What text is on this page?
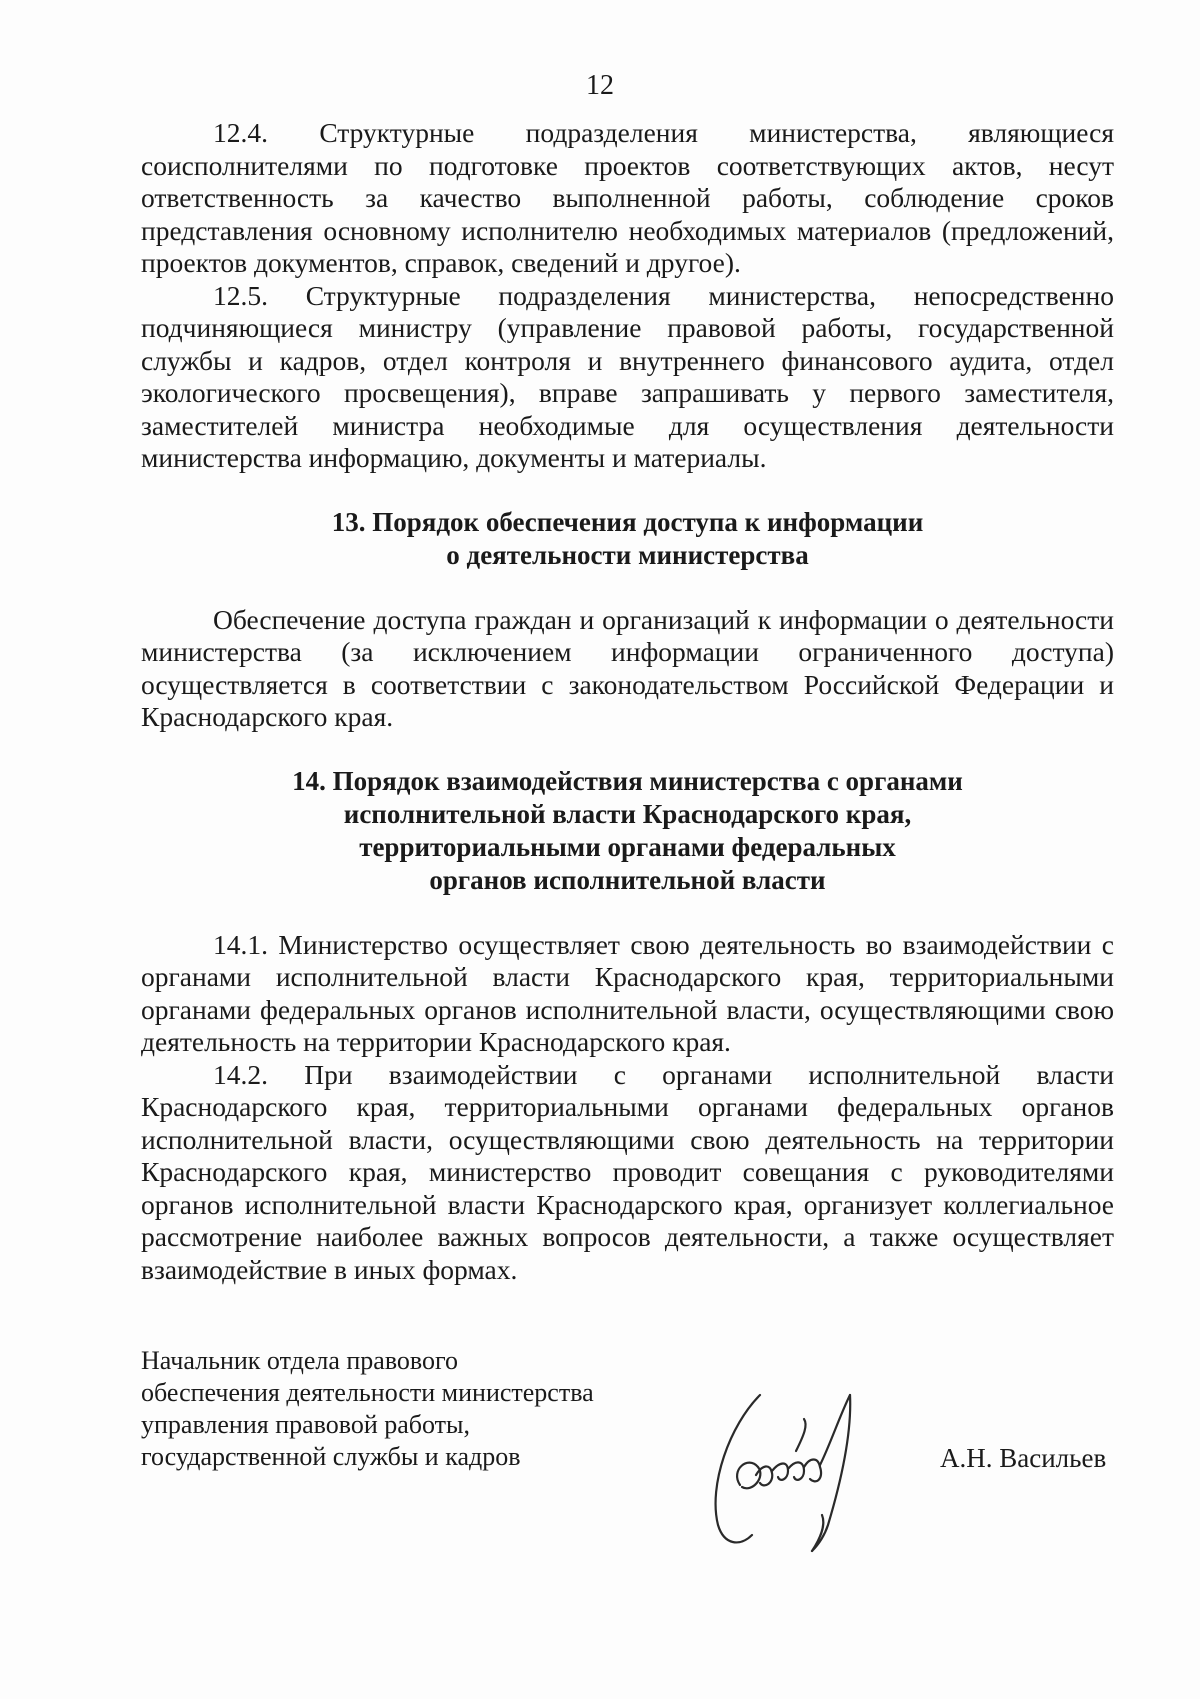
12

12.4. Структурные подразделения министерства, являющиеся соисполнителями по подготовке проектов соответствующих актов, несут ответственность за качество выполненной работы, соблюдение сроков представления основному исполнителю необходимых материалов (предложений, проектов документов, справок, сведений и другое).

12.5. Структурные подразделения министерства, непосредственно подчиняющиеся министру (управление правовой работы, государственной службы и кадров, отдел контроля и внутреннего финансового аудита, отдел экологического просвещения), вправе запрашивать у первого заместителя, заместителей министра необходимые для осуществления деятельности министерства информацию, документы и материалы.

13. Порядок обеспечения доступа к информации
о деятельности министерства

Обеспечение доступа граждан и организаций к информации о деятельности министерства (за исключением информации ограниченного доступа) осуществляется в соответствии с законодательством Российской Федерации и Краснодарского края.

14. Порядок взаимодействия министерства с органами
исполнительной власти Краснодарского края,
территориальными органами федеральных
органов исполнительной власти

14.1. Министерство осуществляет свою деятельность во взаимодействии с органами исполнительной власти Краснодарского края, территориальными органами федеральных органов исполнительной власти, осуществляющими свою деятельность на территории Краснодарского края.

14.2. При взаимодействии с органами исполнительной власти Краснодарского края, территориальными органами федеральных органов исполнительной власти, осуществляющими свою деятельность на территории Краснодарского края, министерство проводит совещания с руководителями органов исполнительной власти Краснодарского края, организует коллегиальное рассмотрение наиболее важных вопросов деятельности, а также осуществляет взаимодействие в иных формах.

Начальник отдела правового
обеспечения деятельности министерства
управления правовой работы,
государственной службы и кадров	А.Н. Васильев
